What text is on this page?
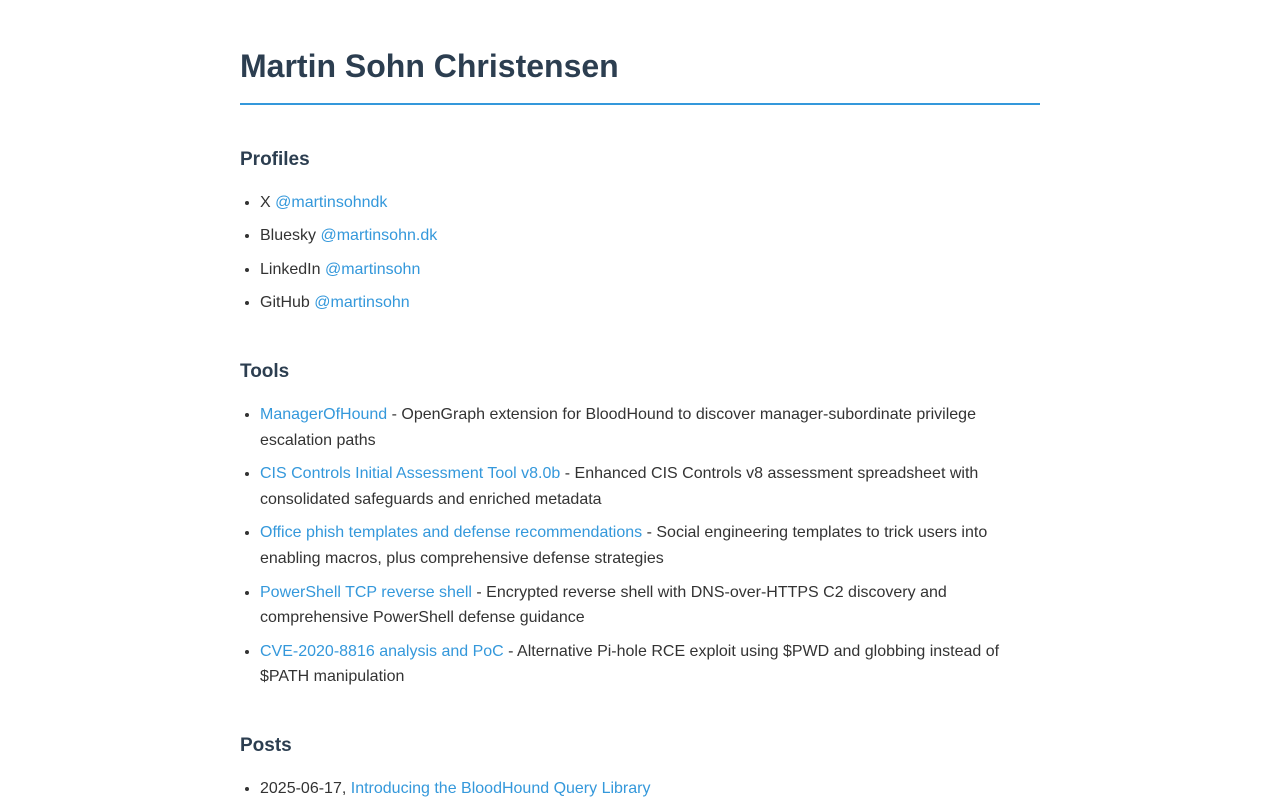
Martin Sohn Christensen
Profiles
• X @martinsohndk
• Bluesky @martinsohn.dk
• LinkedIn @martinsohn
• GitHub @martinsohn
Tools
• ManagerOfHound - OpenGraph extension for BloodHound to discover manager-subordinate privilege escalation paths
• CIS Controls Initial Assessment Tool v8.0b - Enhanced CIS Controls v8 assessment spreadsheet with consolidated safeguards and enriched metadata
• Office phish templates and defense recommendations - Social engineering templates to trick users into enabling macros, plus comprehensive defense strategies
• PowerShell TCP reverse shell - Encrypted reverse shell with DNS-over-HTTPS C2 discovery and comprehensive PowerShell defense guidance
• CVE-2020-8816 analysis and PoC - Alternative Pi-hole RCE exploit using $PWD and globbing instead of $PATH manipulation
Posts
• 2025-06-17, Introducing the BloodHound Query Library
